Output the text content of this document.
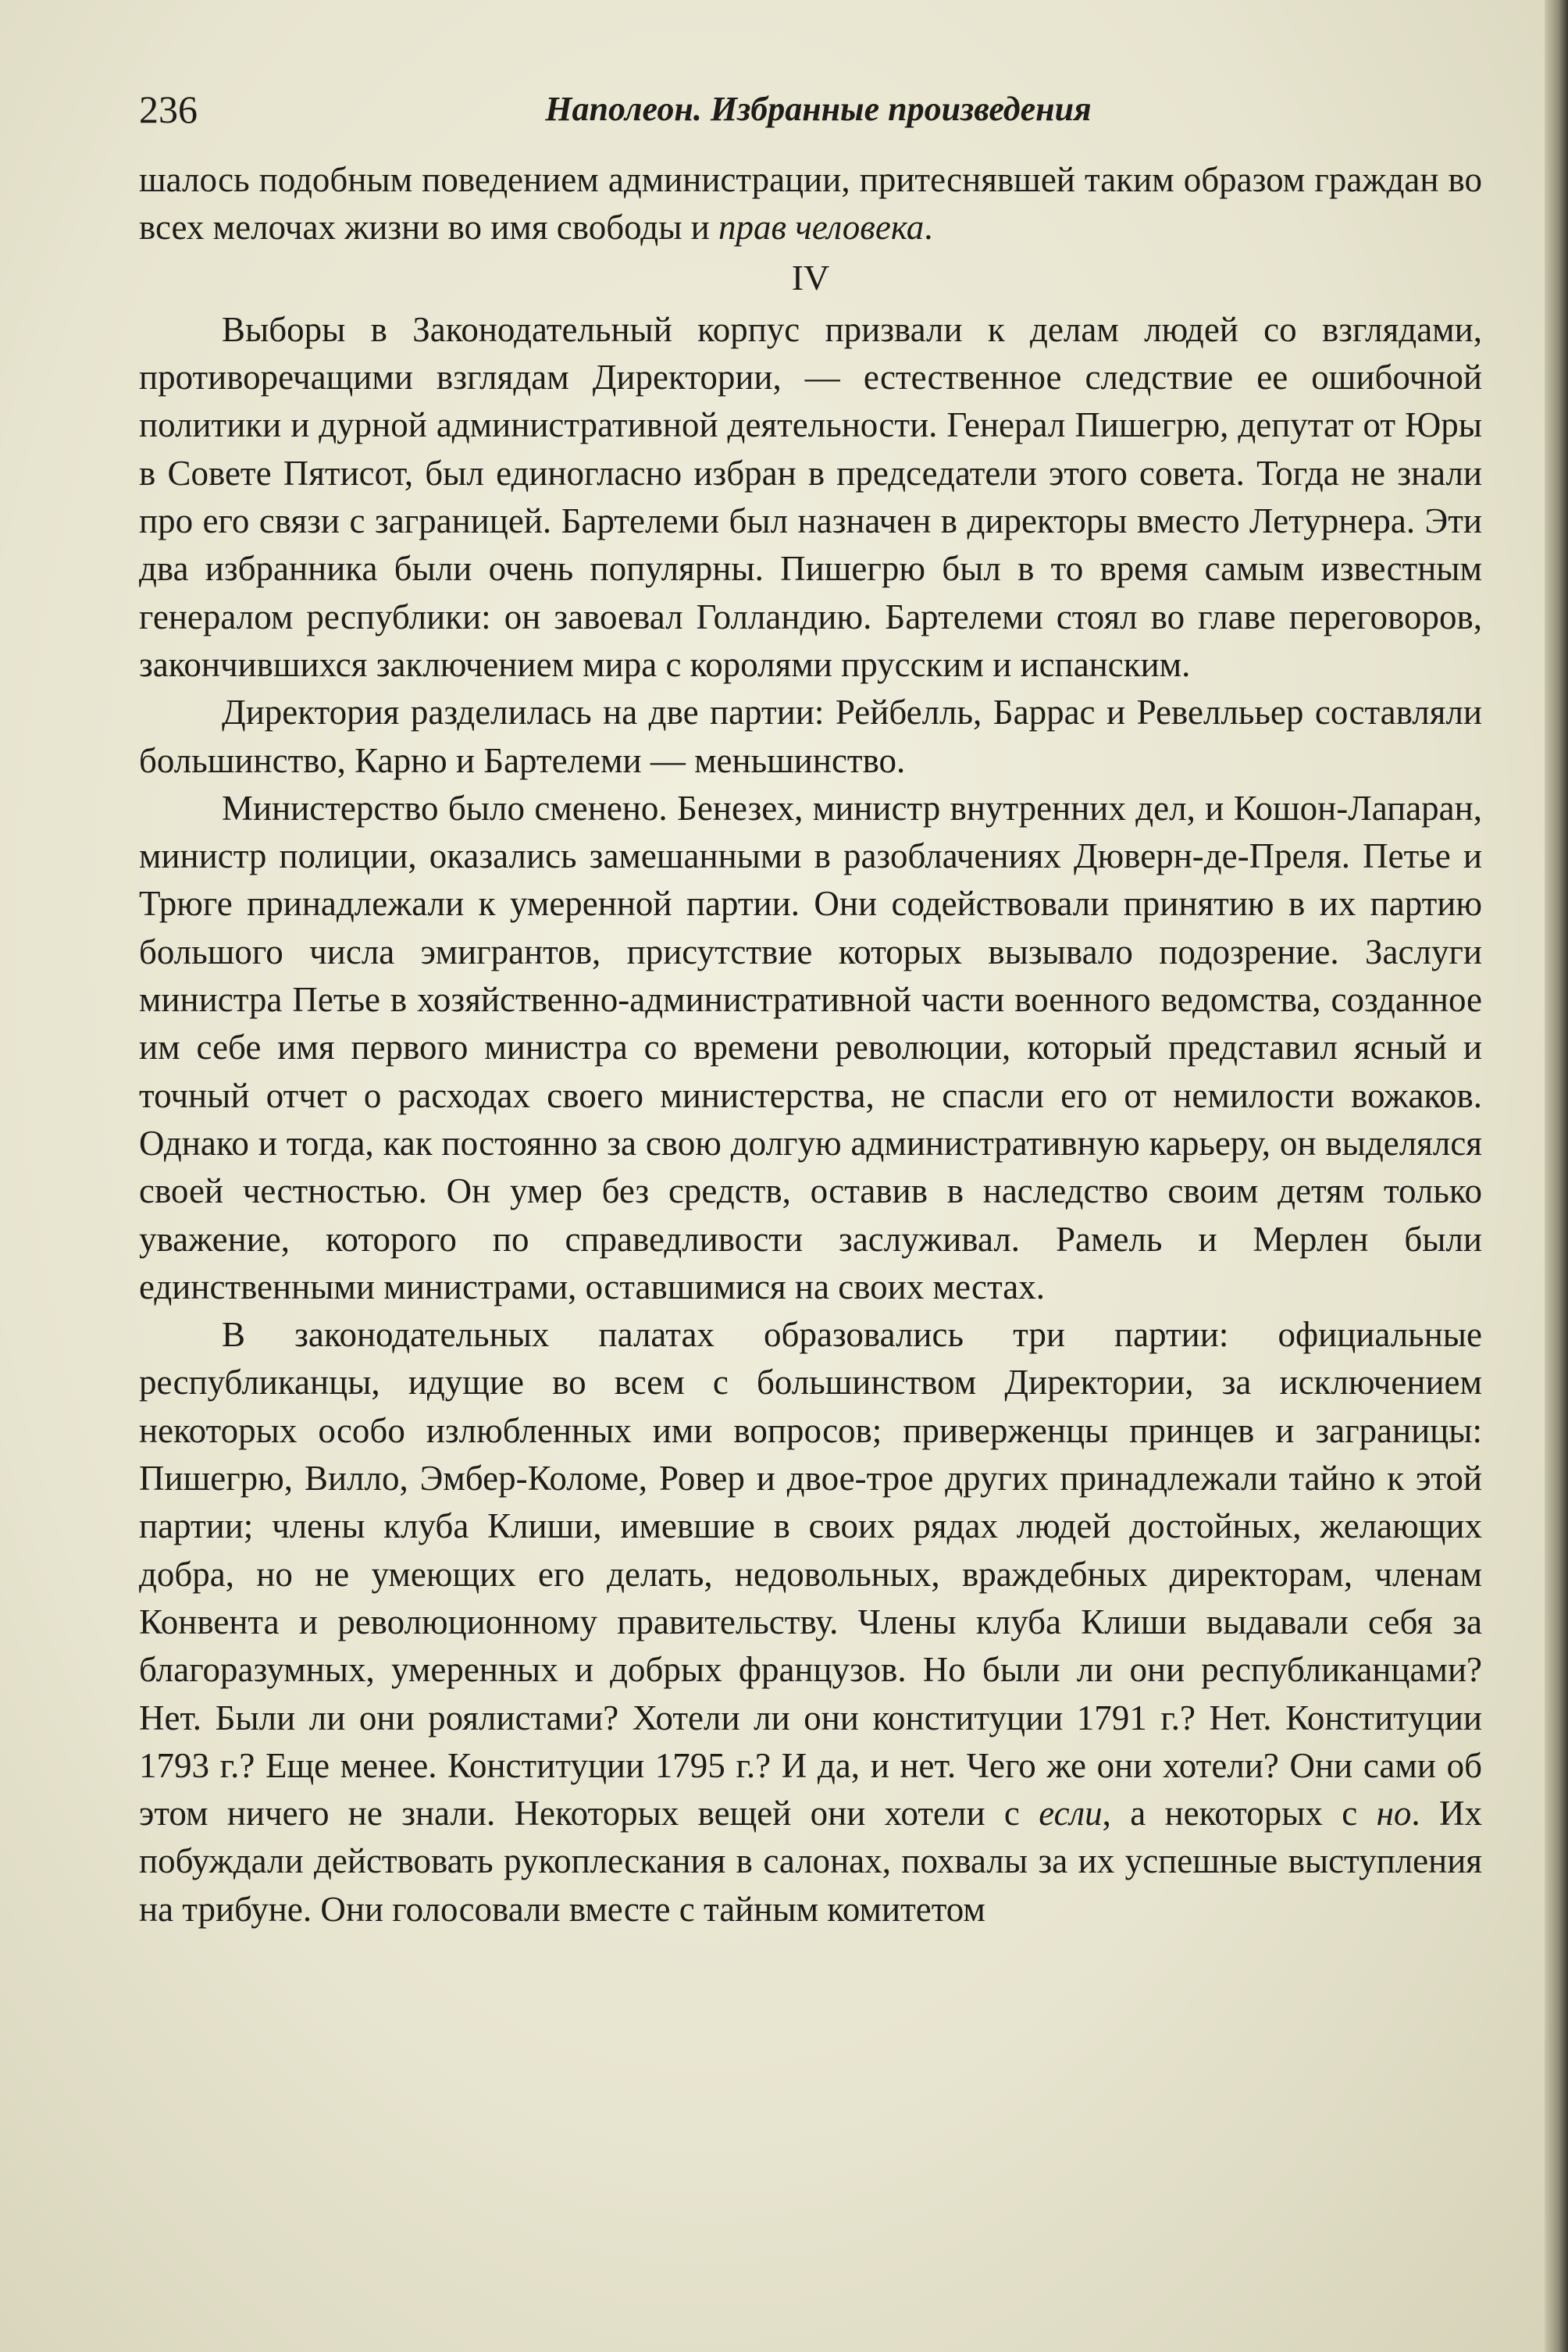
236	Наполеон. Избранные произведения

шалось подобным поведением администрации, притеснявшей таким образом граждан во всех мелочах жизни во имя свободы и прав человека.

IV

Выборы в Законодательный корпус призвали к делам людей со взглядами, противоречащими взглядам Директории, — естественное следствие ее ошибочной политики и дурной административной деятельности. Генерал Пишегрю, депутат от Юры в Совете Пятисот, был единогласно избран в председатели этого совета. Тогда не знали про его связи с заграницей. Бартелеми был назначен в директоры вместо Летурнера. Эти два избранника были очень популярны. Пишегрю был в то время самым известным генералом республики: он завоевал Голландию. Бартелеми стоял во главе переговоров, закончившихся заключением мира с королями прусским и испанским.

Директория разделилась на две партии: Рейбелль, Баррас и Ревеллььер составляли большинство, Карно и Бартелеми — меньшинство.

Министерство было сменено. Бенезех, министр внутренних дел, и Кошон-Лапаран, министр полиции, оказались замешанными в разоблачениях Дюверн-де-Преля. Петье и Трюге принадлежали к умеренной партии. Они содействовали принятию в их партию большого числа эмигрантов, присутствие которых вызывало подозрение. Заслуги министра Петье в хозяйственно-административной части военного ведомства, созданное им себе имя первого министра со времени революции, который представил ясный и точный отчет о расходах своего министерства, не спасли его от немилости вожаков. Однако и тогда, как постоянно за свою долгую административную карьеру, он выделялся своей честностью. Он умер без средств, оставив в наследство своим детям только уважение, которого по справедливости заслуживал. Рамель и Мерлен были единственными министрами, оставшимися на своих местах.

В законодательных палатах образовались три партии: официальные республиканцы, идущие во всем с большинством Директории, за исключением некоторых особо излюбленных ими вопросов; приверженцы принцев и заграницы: Пишегрю, Вилло, Эмбер-Коломе, Ровер и двое-трое других принадлежали тайно к этой партии; члены клуба Клиши, имевшие в своих рядах людей достойных, желающих добра, но не умеющих его делать, недовольных, враждебных директорам, членам Конвента и революционному правительству. Члены клуба Клиши выдавали себя за благоразумных, умеренных и добрых французов. Но были ли они республиканцами? Нет. Были ли они роялистами? Хотели ли они конституции 1791 г.? Нет. Конституции 1793 г.? Еще менее. Конституции 1795 г.? И да, и нет. Чего же они хотели? Они сами об этом ничего не знали. Некоторых вещей они хотели с если, а некоторых с но. Их побуждали действовать рукоплескания в салонах, похвалы за их успешные выступления на трибуне. Они голосовали вместе с тайным комитетом
